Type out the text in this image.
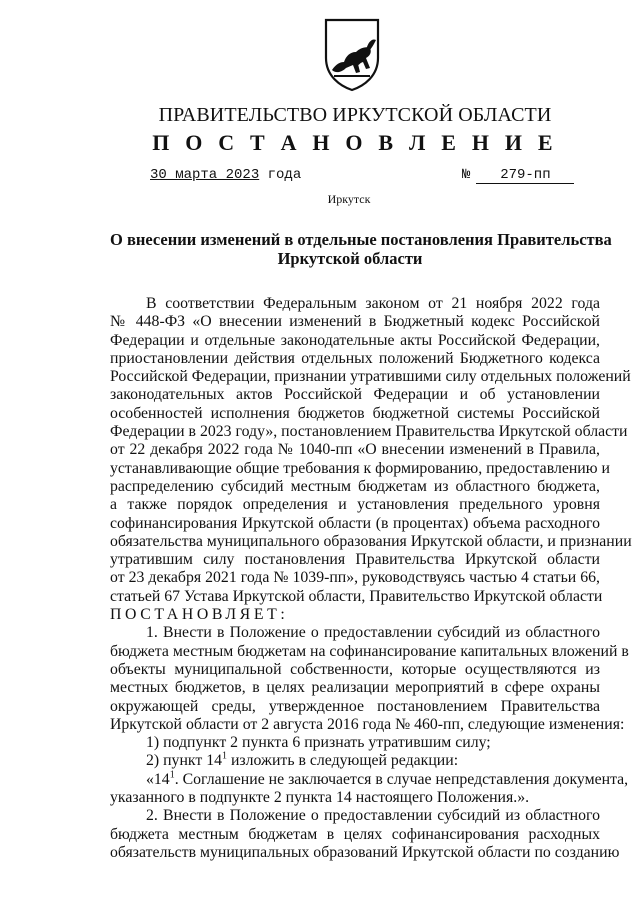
ПРАВИТЕЛЬСТВО ИРКУТСКОЙ ОБЛАСТИ
П О С Т А Н О В Л Е Н И Е
30 марта 2023 года	№ 279-пп
Иркутск
О внесении изменений в отдельные постановления Правительства
Иркутской области
В соответствии Федеральным законом от 21 ноября 2022 года
№ 448-ФЗ «О внесении изменений в Бюджетный кодекс Российской
Федерации и отдельные законодательные акты Российской Федерации,
приостановлении действия отдельных положений Бюджетного кодекса
Российской Федерации, признании утратившими силу отдельных положений
законодательных актов Российской Федерации и об установлении
особенностей исполнения бюджетов бюджетной системы Российской
Федерации в 2023 году», постановлением Правительства Иркутской области
от 22 декабря 2022 года № 1040-пп «О внесении изменений в Правила,
устанавливающие общие требования к формированию, предоставлению и
распределению субсидий местным бюджетам из областного бюджета,
а также порядок определения и установления предельного уровня
софинансирования Иркутской области (в процентах) объема расходного
обязательства муниципального образования Иркутской области, и признании
утратившим силу постановления Правительства Иркутской области
от 23 декабря 2021 года № 1039-пп», руководствуясь частью 4 статьи 66,
статьей 67 Устава Иркутской области, Правительство Иркутской области
ПОСТАНОВЛЯЕТ:
1. Внести в Положение о предоставлении субсидий из областного
бюджета местным бюджетам на софинансирование капитальных вложений в
объекты муниципальной собственности, которые осуществляются из
местных бюджетов, в целях реализации мероприятий в сфере охраны
окружающей среды, утвержденное постановлением Правительства
Иркутской области от 2 августа 2016 года № 460-пп, следующие изменения:
1) подпункт 2 пункта 6 признать утратившим силу;
2) пункт $14^1$ изложить в следующей редакции:
«$14^1$. Соглашение не заключается в случае непредставления документа,
указанного в подпункте 2 пункта 14 настоящего Положения.».
2. Внести в Положение о предоставлении субсидий из областного
бюджета местным бюджетам в целях софинансирования расходных
обязательств муниципальных образований Иркутской области по созданию
